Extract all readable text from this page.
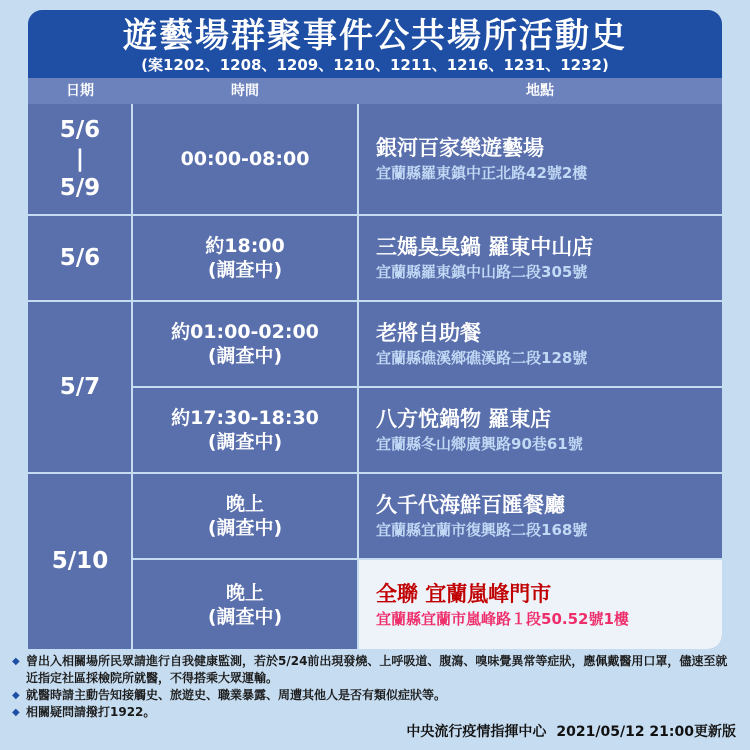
遊藝場群聚事件公共場所活動史
(案1202、1208、1209、1210、1211、1216、1231、1232)
日期	時間	地點
5/6
|
5/9
5/6
5/7
5/10
00:00-08:00
約18:00
(調查中)
約01:00-02:00
(調查中)
約17:30-18:30
(調查中)
晚上
(調查中)
晚上
(調查中)
銀河百家樂遊藝場
宜蘭縣羅東鎮中正北路42號2樓
三媽臭臭鍋 羅東中山店
宜蘭縣羅東鎮中山路二段305號
老將自助餐
宜蘭縣礁溪鄉礁溪路二段128號
八方悅鍋物 羅東店
宜蘭縣冬山鄉廣興路90巷61號
久千代海鮮百匯餐廳
宜蘭縣宜蘭市復興路二段168號
全聯 宜蘭嵐峰門市
宜蘭縣宜蘭市嵐峰路１段50.52號1樓
◆ 曾出入相關場所民眾請進行自我健康監測，若於5/24前出現發燒、上呼吸道、腹瀉、嗅味覺異常等症狀，應佩戴醫用口罩，儘速至就近指定社區採檢院所就醫，不得搭乘大眾運輸。
◆ 就醫時請主動告知接觸史、旅遊史、職業暴露、周遭其他人是否有類似症狀等。
◆ 相關疑問請撥打1922。
中央流行疫情指揮中心 2021/05/12 21:00更新版
